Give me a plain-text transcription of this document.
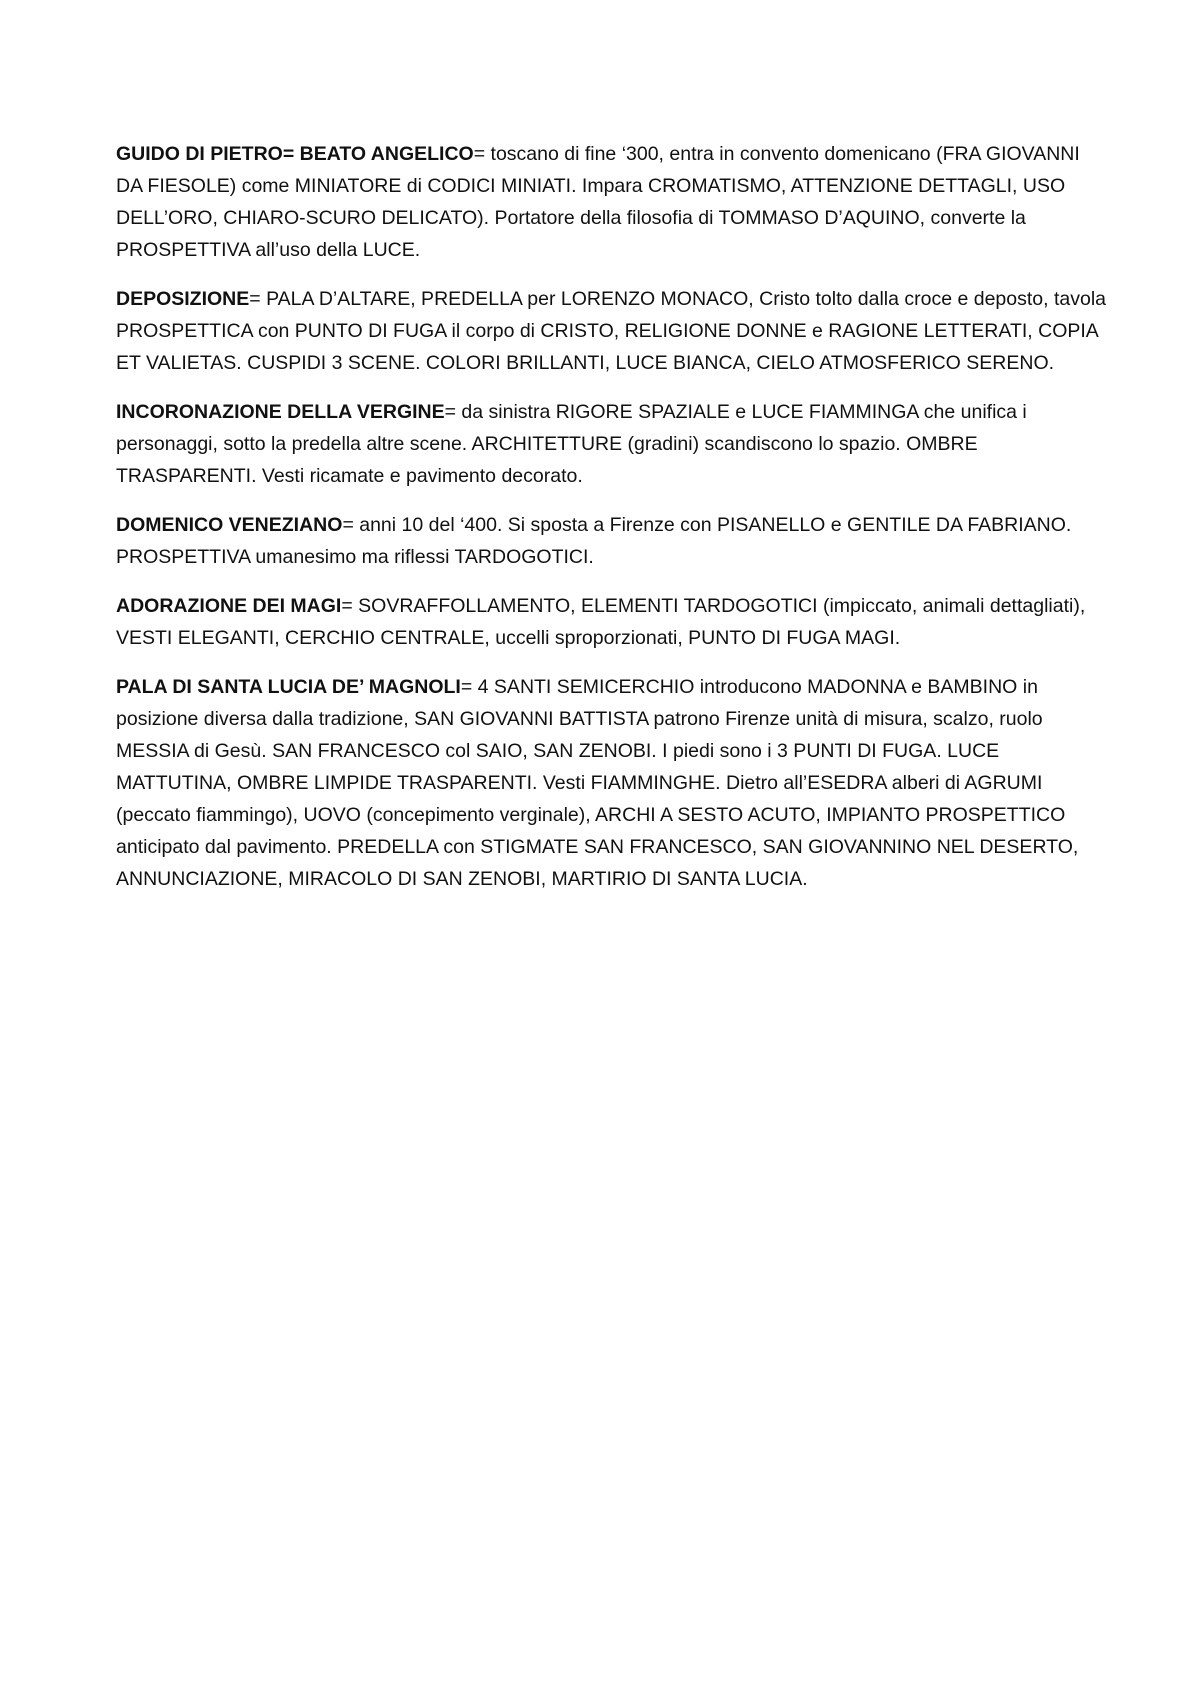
GUIDO DI PIETRO= BEATO ANGELICO= toscano di fine ‘300, entra in convento domenicano (FRA GIOVANNI DA FIESOLE) come MINIATORE di CODICI MINIATI. Impara CROMATISMO, ATTENZIONE DETTAGLI, USO DELL’ORO, CHIARO-SCURO DELICATO). Portatore della filosofia di TOMMASO D’AQUINO, converte la PROSPETTIVA all’uso della LUCE.

DEPOSIZIONE= PALA D’ALTARE, PREDELLA per LORENZO MONACO, Cristo tolto dalla croce e deposto, tavola PROSPETTICA con PUNTO DI FUGA il corpo di CRISTO, RELIGIONE DONNE e RAGIONE LETTERATI, COPIA ET VALIETAS. CUSPIDI 3 SCENE. COLORI BRILLANTI, LUCE BIANCA, CIELO ATMOSFERICO SERENO.

INCORONAZIONE DELLA VERGINE= da sinistra RIGORE SPAZIALE e LUCE FIAMMINGA che unifica i personaggi, sotto la predella altre scene. ARCHITETTURE (gradini) scandiscono lo spazio. OMBRE TRASPARENTI. Vesti ricamate e pavimento decorato.

DOMENICO VENEZIANO= anni 10 del ‘400. Si sposta a Firenze con PISANELLO e GENTILE DA FABRIANO. PROSPETTIVA umanesimo ma riflessi TARDOGOTICI.

ADORAZIONE DEI MAGI= SOVRAFFOLLAMENTO, ELEMENTI TARDOGOTICI (impiccato, animali dettagliati), VESTI ELEGANTI, CERCHIO CENTRALE, uccelli sproporzionati, PUNTO DI FUGA MAGI.

PALA DI SANTA LUCIA DE’ MAGNOLI= 4 SANTI SEMICERCHIO introducono MADONNA e BAMBINO in posizione diversa dalla tradizione, SAN GIOVANNI BATTISTA patrono Firenze unità di misura, scalzo, ruolo MESSIA di Gesù. SAN FRANCESCO col SAIO, SAN ZENOBI. I piedi sono i 3 PUNTI DI FUGA. LUCE MATTUTINA, OMBRE LIMPIDE TRASPARENTI. Vesti FIAMMINGHE. Dietro all’ESEDRA alberi di AGRUMI (peccato fiammingo), UOVO (concepimento verginale), ARCHI A SESTO ACUTO, IMPIANTO PROSPETTICO anticipato dal pavimento. PREDELLA con STIGMATE SAN FRANCESCO, SAN GIOVANNINO NEL DESERTO, ANNUNCIAZIONE, MIRACOLO DI SAN ZENOBI, MARTIRIO DI SANTA LUCIA.
